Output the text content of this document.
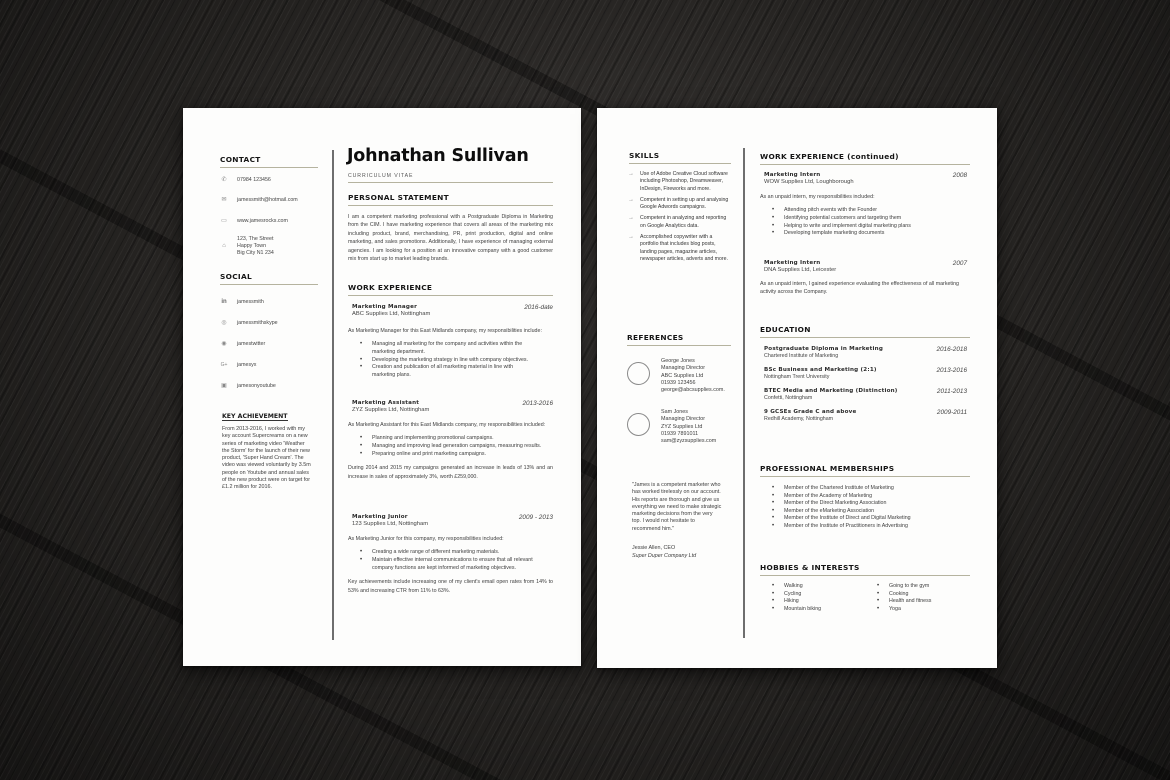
CONTACT
✆ 07984 123456
✉ jamessmith@hotmail.com
▭ www.jamesrocks.com
⌂
123, The Street
Happy Town
Big City N1 234
SOCIAL
in jamessmith
◎ jamessmithskype
◉ jamestwitter
G+ jamesyx
▣ jamesonyoutube
KEY ACHIEVEMENT
From 2013-2016, I worked with my key account Supercreams on a new series of marketing video 'Weather the Storm' for the launch of their new product, 'Super Hand Cream'. The video was viewed voluntarily by 3.5m people on Youtube and annual sales of the new product were on target for £1.2 million for 2016.
Johnathan Sullivan
CURRICULUM VITAE
PERSONAL STATEMENT
I am a competent marketing professional with a Postgraduate Diploma in Marketing from the CIM. I have marketing experience that covers all areas of the marketing mix including product, brand, merchandising, PR, print production, digital and online marketing, and sales promotions. Additionally, I have experience of managing external agencies. I am looking for a position at an innovative company with a good customer mix from start up to market leading brands.
WORK EXPERIENCE
Marketing Manager	2016-date
ABC Supplies Ltd, Nottingham
As Marketing Manager for this East Midlands company, my responsibilities include:
• Managing all marketing for the company and activities within the marketing department.
• Developing the marketing strategy in line with company objectives.
• Creation and publication of all marketing material in line with marketing plans.
Marketing Assistant	2013-2016
ZYZ Supplies Ltd, Nottingham
As Marketing Assistant for this East Midlands company, my responsibilities included:
• Planning and implementing promotional campaigns.
• Managing and improving lead generation campaigns, measuring results.
• Preparing online and print marketing campaigns.
During 2014 and 2015 my campaigns generated an increase in leads of 13% and an increase in sales of approximately 3%, worth £259,000.
Marketing Junior	2009 - 2013
123 Supplies Ltd, Nottingham
As Marketing Junior for this company, my responsibilities included:
• Creating a wide range of different marketing materials.
• Maintain effective internal communications to ensure that all relevant company functions are kept informed of marketing objectives.
Key achievements include increasing one of my client's email open rates from 14% to 53% and increasing CTR from 11% to 63%.
SKILLS
→ Use of Adobe Creative Cloud software including Photoshop, Dreamweaver, InDesign, Fireworks and more.
→ Competent in setting up and analysing Google Adwords campaigns.
→ Competent in analyzing and reporting on Google Analytics data.
→ Accomplished copywriter with a portfolio that includes blog posts, landing pages, magazine articles, newspaper articles, adverts and more.
REFERENCES
George Jones
Managing Director
ABC Supplies Ltd
01939 123456
george@abcsupplies.com.
Sam Jones
Managing Director
ZYZ Supplies Ltd
01939 7891011
sam@zyzsupplies.com
"James is a competent marketer who has worked tirelessly on our account. His reports are thorough and give us everything we need to make strategic marketing decisions from the very top. I would not hesitate to recommend him."
Jessie Allen, CEO
Super Duper Company Ltd
WORK EXPERIENCE (continued)
Marketing Intern	2008
WOW Supplies Ltd, Loughborough
As an unpaid intern, my responsibilities included:
• Attending pitch events with the Founder
• Identifying potential customers and targeting them
• Helping to write and implement digital marketing plans
• Developing template marketing documents
Marketing Intern	2007
DNA Supplies Ltd, Leicester
As an unpaid intern, I gained experience evaluating the effectiveness of all marketing activity across the Company.
EDUCATION
Postgraduate Diploma in Marketing	2016-2018
Chartered Institute of Marketing
BSc Business and Marketing (2:1)	2013-2016
Nottingham Trent University
BTEC Media and Marketing (Distinction)	2011-2013
Confetti, Nottingham
9 GCSEs Grade C and above	2009-2011
Redhill Academy, Nottingham
PROFESSIONAL MEMBERSHIPS
• Member of the Chartered Institute of Marketing
• Member of the Academy of Marketing
• Member of the Direct Marketing Association
• Member of the eMarketing Association
• Member of the Institute of Direct and Digital Marketing
• Member of the Institute of Practitioners in Advertising
HOBBIES & INTERESTS
• Walking
• Cycling
• Hiking
• Mountain biking
• Going to the gym
• Cooking
• Health and fitness
• Yoga
